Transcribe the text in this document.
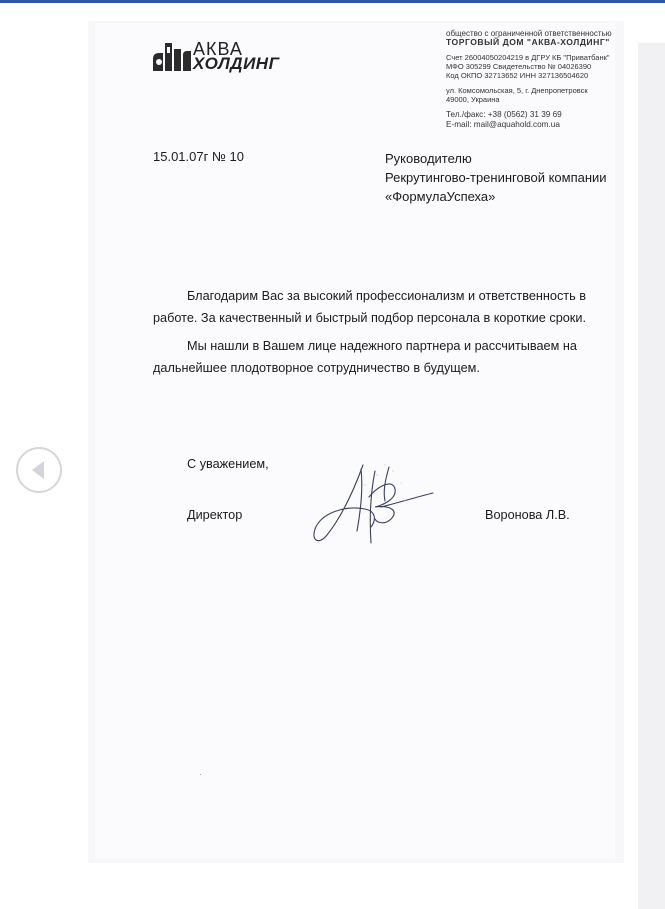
АКВА
ХОЛДИНГ
общество с ограниченной ответственностью
ТОРГОВЫЙ ДОМ "АКВА-ХОЛДИНГ"
Счет 26004050204219 в ДГРУ КБ "Приватбанк"
МФО 305299 Свидетельство № 04026390
Код ОКПО 32713652 ИНН 327136504620
ул. Комсомольская, 5, г. Днепропетровск
49000, Украина
Тел./факс: +38 (0562) 31 39 69
E-mail: mail@aquahold.com.ua
15.01.07г № 10	Руководителю
Рекрутингово-тренинговой компании
«ФормулаУспеха»
Благодарим Вас за высокий профессионализм и ответственность в работе. За качественный и быстрый подбор персонала в короткие сроки.
Мы нашли в Вашем лице надежного партнера и рассчитываем на дальнейшее плодотворное сотрудничество в будущем.
С уважением,
Директор	Воронова Л.В.
·
